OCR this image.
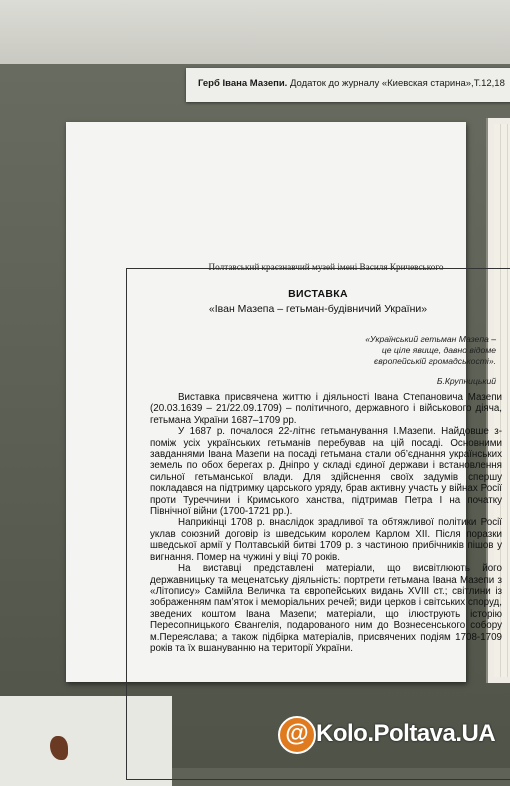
Герб Івана Мазепи. Додаток до журналу «Киевская старина»,Т.12,18
Полтавський краєзнавчий музей імені Василя Кричевського
ВИСТАВКА
«Іван Мазепа – гетьман-будівничий України»
«Український гетьман Мазепа –
це ціле явище, давно відоме
європейській громадськості».
Б.Крупницький

Виставка присвячена життю і діяльності Івана Степановича Мазепи (20.03.1639 – 21/22.09.1709) – політичного, державного і військового діяча, гетьмана України 1687–1709 рр.

У 1687 р. почалося 22-літнє гетьманування І.Мазепи. Найдовше з-поміж усіх українських гетьманів перебував на цій посаді. Основними завданнями Івана Мазепи на посаді гетьмана стали об’єднання українських земель по обох берегах р. Дніпро у складі єдиної держави і встановлення сильної гетьманської влади. Для здійснення своїх задумів спершу покладався на підтримку царського уряду, брав активну участь у війнах Росії проти Туреччини і Кримського ханства, підтримав Петра І на початку Північної війни (1700-1721 рр.).

Наприкінці 1708 р. внаслідок зрадливої та обтяжливої політики Росії уклав союзний договір із шведським королем Карлом XII. Після поразки шведської армії у Полтавській битві 1709 р. з частиною прибічників пішов у вигнання. Помер на чужині у віці 70 років.

На виставці представлені матеріали, що висвітлюють його державницьку та меценатську діяльність: портрети гетьмана Івана Мазепи з «Літопису» Самійла Величка та європейських видань XVIII ст.; світлини із зображенням пам’яток і меморіальних речей; види церков і світських споруд, зведених коштом Івана Мазепи; матеріали, що ілюструють історію Пересопницького Євангелія, подарованого ним до Вознесенського собору м.Переяслава; а також підбірка матеріалів, присвячених подіям 1708-1709 років та їх вшануванню на території України.

@ Kolo.Poltava.UA
